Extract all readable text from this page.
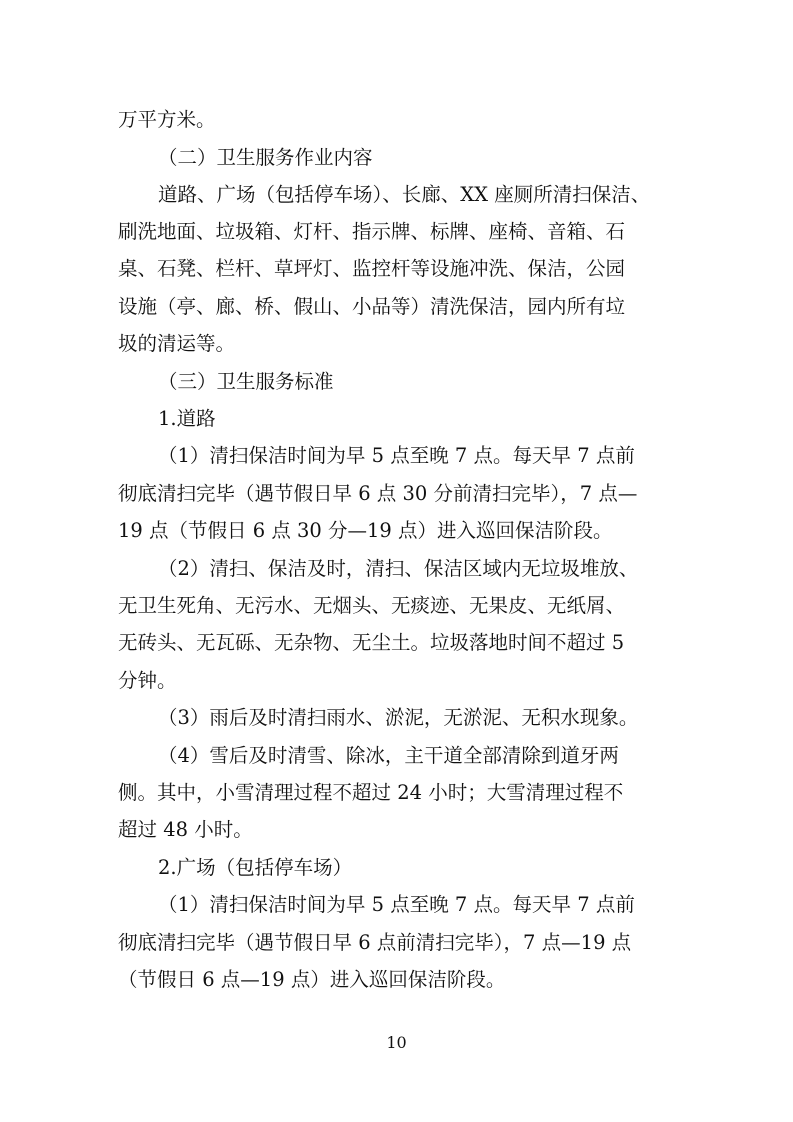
万平方米。
（二）卫生服务作业内容
道路、广场（包括停车场）、长廊、XX 座厕所清扫保洁、
刷洗地面、垃圾箱、灯杆、指示牌、标牌、座椅、音箱、石
桌、石凳、栏杆、草坪灯、监控杆等设施冲洗、保洁，公园
设施（亭、廊、桥、假山、小品等）清洗保洁，园内所有垃
圾的清运等。
（三）卫生服务标准
1.道路
（1）清扫保洁时间为早 5 点至晚 7 点。每天早 7 点前
彻底清扫完毕（遇节假日早 6 点 30 分前清扫完毕），7 点—
19 点（节假日 6 点 30 分—19 点）进入巡回保洁阶段。
（2）清扫、保洁及时，清扫、保洁区域内无垃圾堆放、
无卫生死角、无污水、无烟头、无痰迹、无果皮、无纸屑、
无砖头、无瓦砾、无杂物、无尘土。垃圾落地时间不超过 5
分钟。
（3）雨后及时清扫雨水、淤泥，无淤泥、无积水现象。
（4）雪后及时清雪、除冰，主干道全部清除到道牙两
侧。其中，小雪清理过程不超过 24 小时；大雪清理过程不
超过 48 小时。
2.广场（包括停车场）
（1）清扫保洁时间为早 5 点至晚 7 点。每天早 7 点前
彻底清扫完毕（遇节假日早 6 点前清扫完毕），7 点—19 点
（节假日 6 点—19 点）进入巡回保洁阶段。
10
